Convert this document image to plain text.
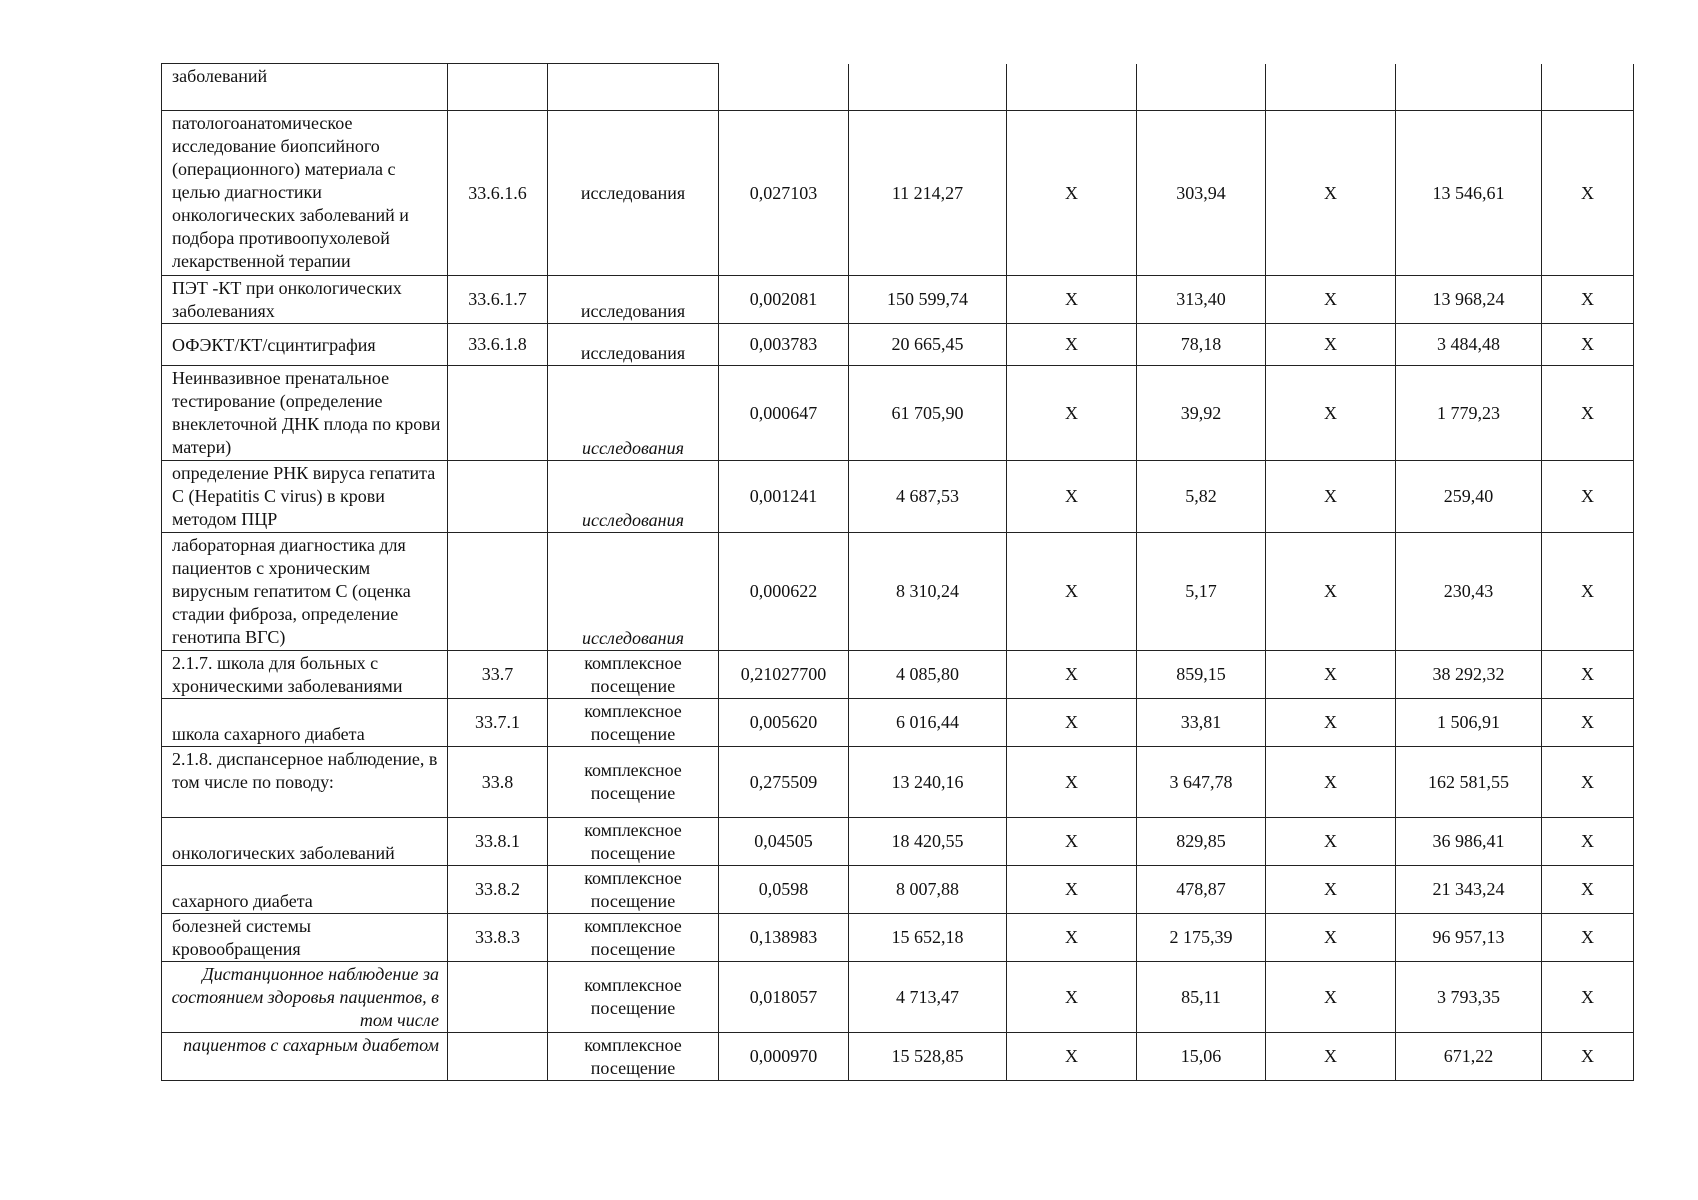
заболеваний									
патологоанатомическое исследование биопсийного (операционного) материала с целью диагностики онкологических заболеваний и подбора противоопухолевой лекарственной терапии	33.6.1.6	исследования	0,027103	11 214,27	X	303,94	X	13 546,61	X
ПЭТ -КТ при онкологических заболеваниях	33.6.1.7	исследования	0,002081	150 599,74	X	313,40	X	13 968,24	X
ОФЭКТ/КТ/сцинтиграфия	33.6.1.8	исследования	0,003783	20 665,45	X	78,18	X	3 484,48	X
Неинвазивное пренатальное тестирование (определение внеклеточной ДНК плода по крови матери)		исследования	0,000647	61 705,90	X	39,92	X	1 779,23	X
определение РНК вируса гепатита С (Hepatitis C virus) в крови методом ПЦР		исследования	0,001241	4 687,53	X	5,82	X	259,40	X
лабораторная диагностика для пациентов с хроническим вирусным гепатитом С (оценка стадии фиброза, определение генотипа ВГС)		исследования	0,000622	8 310,24	X	5,17	X	230,43	X
2.1.7. школа для больных с хроническими заболеваниями	33.7	комплексное посещение	0,21027700	4 085,80	X	859,15	X	38 292,32	X
школа сахарного диабета	33.7.1	комплексное посещение	0,005620	6 016,44	X	33,81	X	1 506,91	X
2.1.8. диспансерное наблюдение, в том числе по поводу:	33.8	комплексное посещение	0,275509	13 240,16	X	3 647,78	X	162 581,55	X
онкологических заболеваний	33.8.1	комплексное посещение	0,04505	18 420,55	X	829,85	X	36 986,41	X
сахарного диабета	33.8.2	комплексное посещение	0,0598	8 007,88	X	478,87	X	21 343,24	X
болезней системы кровообращения	33.8.3	комплексное посещение	0,138983	15 652,18	X	2 175,39	X	96 957,13	X
Дистанционное наблюдение за состоянием здоровья пациентов, в том числе		комплексное посещение	0,018057	4 713,47	X	85,11	X	3 793,35	X
пациентов с сахарным диабетом		комплексное посещение	0,000970	15 528,85	X	15,06	X	671,22	X
